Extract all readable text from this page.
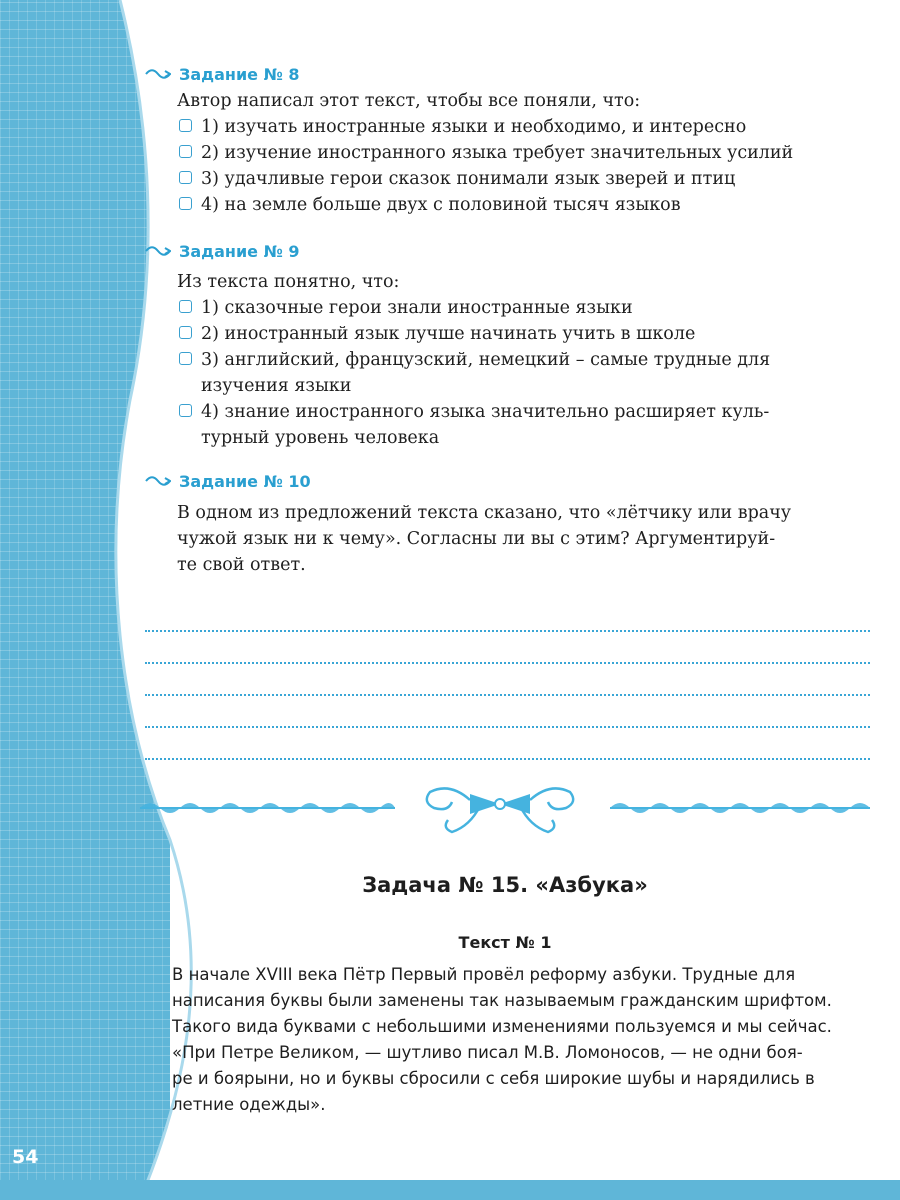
54
Задание № 8
Автор написал этот текст, чтобы все поняли, что:
1) изучать иностранные языки и необходимо, и интересно
2) изучение иностранного языка требует значительных усилий
3) удачливые герои сказок понимали язык зверей и птиц
4) на земле больше двух с половиной тысяч языков
Задание № 9
Из текста понятно, что:
1) сказочные герои знали иностранные языки
2) иностранный язык лучше начинать учить в школе
3) английский, французский, немецкий – самые трудные для
изучения языки
4) знание иностранного языка значительно расширяет куль-
турный уровень человека
Задание № 10
В одном из предложений текста сказано, что «лётчику или врачу
чужой язык ни к чему». Согласны ли вы с этим? Аргументируй-
те свой ответ.
Задача № 15. «Азбука»
Текст № 1

В начале XVIII века Пётр Первый провёл реформу азбуки. Трудные для
написания буквы были заменены так называемым гражданским шрифтом.
Такого вида буквами с небольшими изменениями пользуемся и мы сейчас.

«При Петре Великом, — шутливо писал М.В. Ломоносов, — не одни боя-
ре и боярыни, но и буквы сбросили с себя широкие шубы и нарядились в
летние одежды».
